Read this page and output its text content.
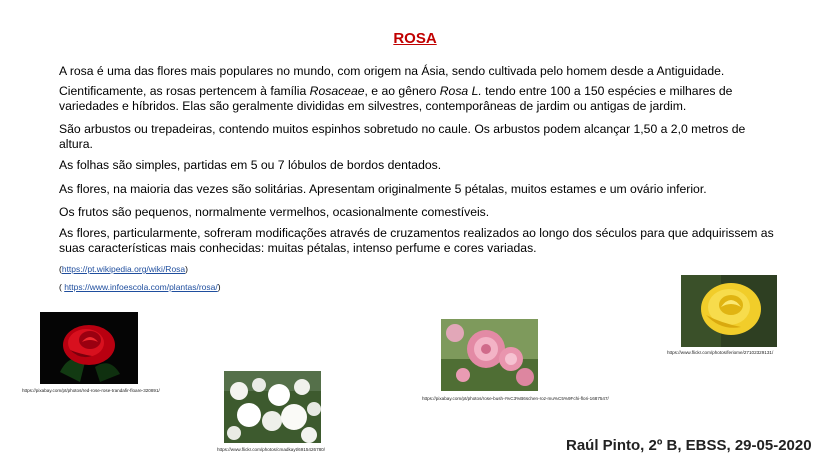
ROSA
A rosa é uma das flores mais populares no mundo, com origem na Ásia, sendo cultivada pelo homem desde a Antiguidade.
Cientificamente, as rosas pertencem à família Rosaceae, e ao gênero Rosa L. tendo entre 100 a 150 espécies e milhares de variedades e híbridos. Elas são geralmente divididas em silvestres, contemporâneas de jardim ou antigas de jardim.
São arbustos ou trepadeiras, contendo muitos espinhos sobretudo no caule. Os arbustos podem alcançar 1,50 a 2,0 metros de altura.
As folhas são simples, partidas em 5 ou 7 lóbulos de bordos dentados.
As flores, na maioria das vezes são solitárias. Apresentam originalmente 5 pétalas, muitos estames e um ovário inferior.
Os frutos são pequenos, normalmente vermelhos, ocasionalmente comestíveis.
As flores, particularmente, sofreram modificações através de cruzamentos realizados ao longo dos séculos para que adquirissem as suas características mais conhecidas: muitas pétalas, intenso perfume e cores variadas.
(https://pt.wikipedia.org/wiki/Rosa)
( https://www.infoescola.com/plantas/rosa/)
https://pixabay.com/pt/photos/red-rose-rose-trandafir-floare-320891/
https://www.flickr.com/photos/cmadkayt/6915426780/
https://pixabay.com/pt/photos/rose-bush-r%C3%B6schen-roz-mu%C5%9Fchi-flori-1687547/
https://www.flickr.com/photos/feriome/27102329131/
Raúl Pinto, 2º B, EBSS, 29-05-2020
